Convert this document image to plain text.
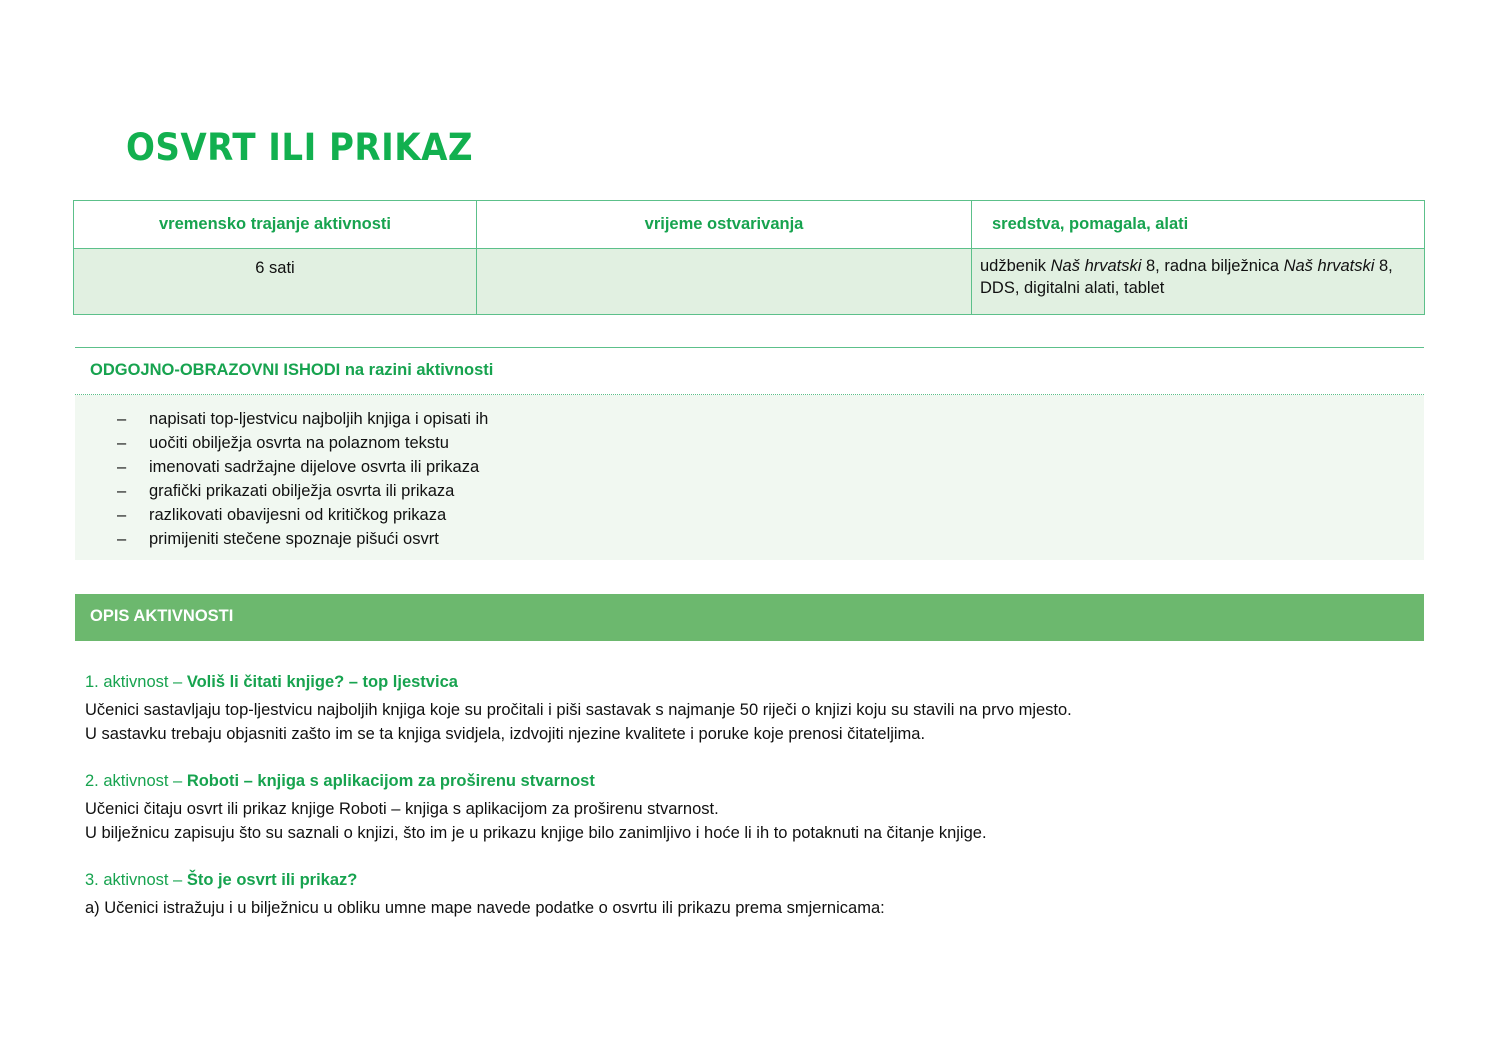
OSVRT ILI PRIKAZ
vremensko trajanje aktivnosti	vrijeme ostvarivanja	sredstva, pomagala, alati
6 sati		udžbenik Naš hrvatski 8, radna bilježnica Naš hrvatski 8, DDS, digitalni alati, tablet
ODGOJNO-OBRAZOVNI ISHODI na razini aktivnosti
– napisati top-ljestvicu najboljih knjiga i opisati ih
– uočiti obilježja osvrta na polaznom tekstu
– imenovati sadržajne dijelove osvrta ili prikaza
– grafički prikazati obilježja osvrta ili prikaza
– razlikovati obavijesni od kritičkog prikaza
– primijeniti stečene spoznaje pišući osvrt
OPIS AKTIVNOSTI
1. aktivnost – Voliš li čitati knjige? – top ljestvica

Učenici sastavljaju top-ljestvicu najboljih knjiga koje su pročitali i piši sastavak s najmanje 50 riječi o knjizi koju su stavili na prvo mjesto.

U sastavku trebaju objasniti zašto im se ta knjiga svidjela, izdvojiti njezine kvalitete i poruke koje prenosi čitateljima.

2. aktivnost – Roboti – knjiga s aplikacijom za proširenu stvarnost

Učenici čitaju osvrt ili prikaz knjige Roboti – knjiga s aplikacijom za proširenu stvarnost.

U bilježnicu zapisuju što su saznali o knjizi, što im je u prikazu knjige bilo zanimljivo i hoće li ih to potaknuti na čitanje knjige.

3. aktivnost – Što je osvrt ili prikaz?

a) Učenici istražuju i u bilježnicu u obliku umne mape navede podatke o osvrtu ili prikazu prema smjernicama:
